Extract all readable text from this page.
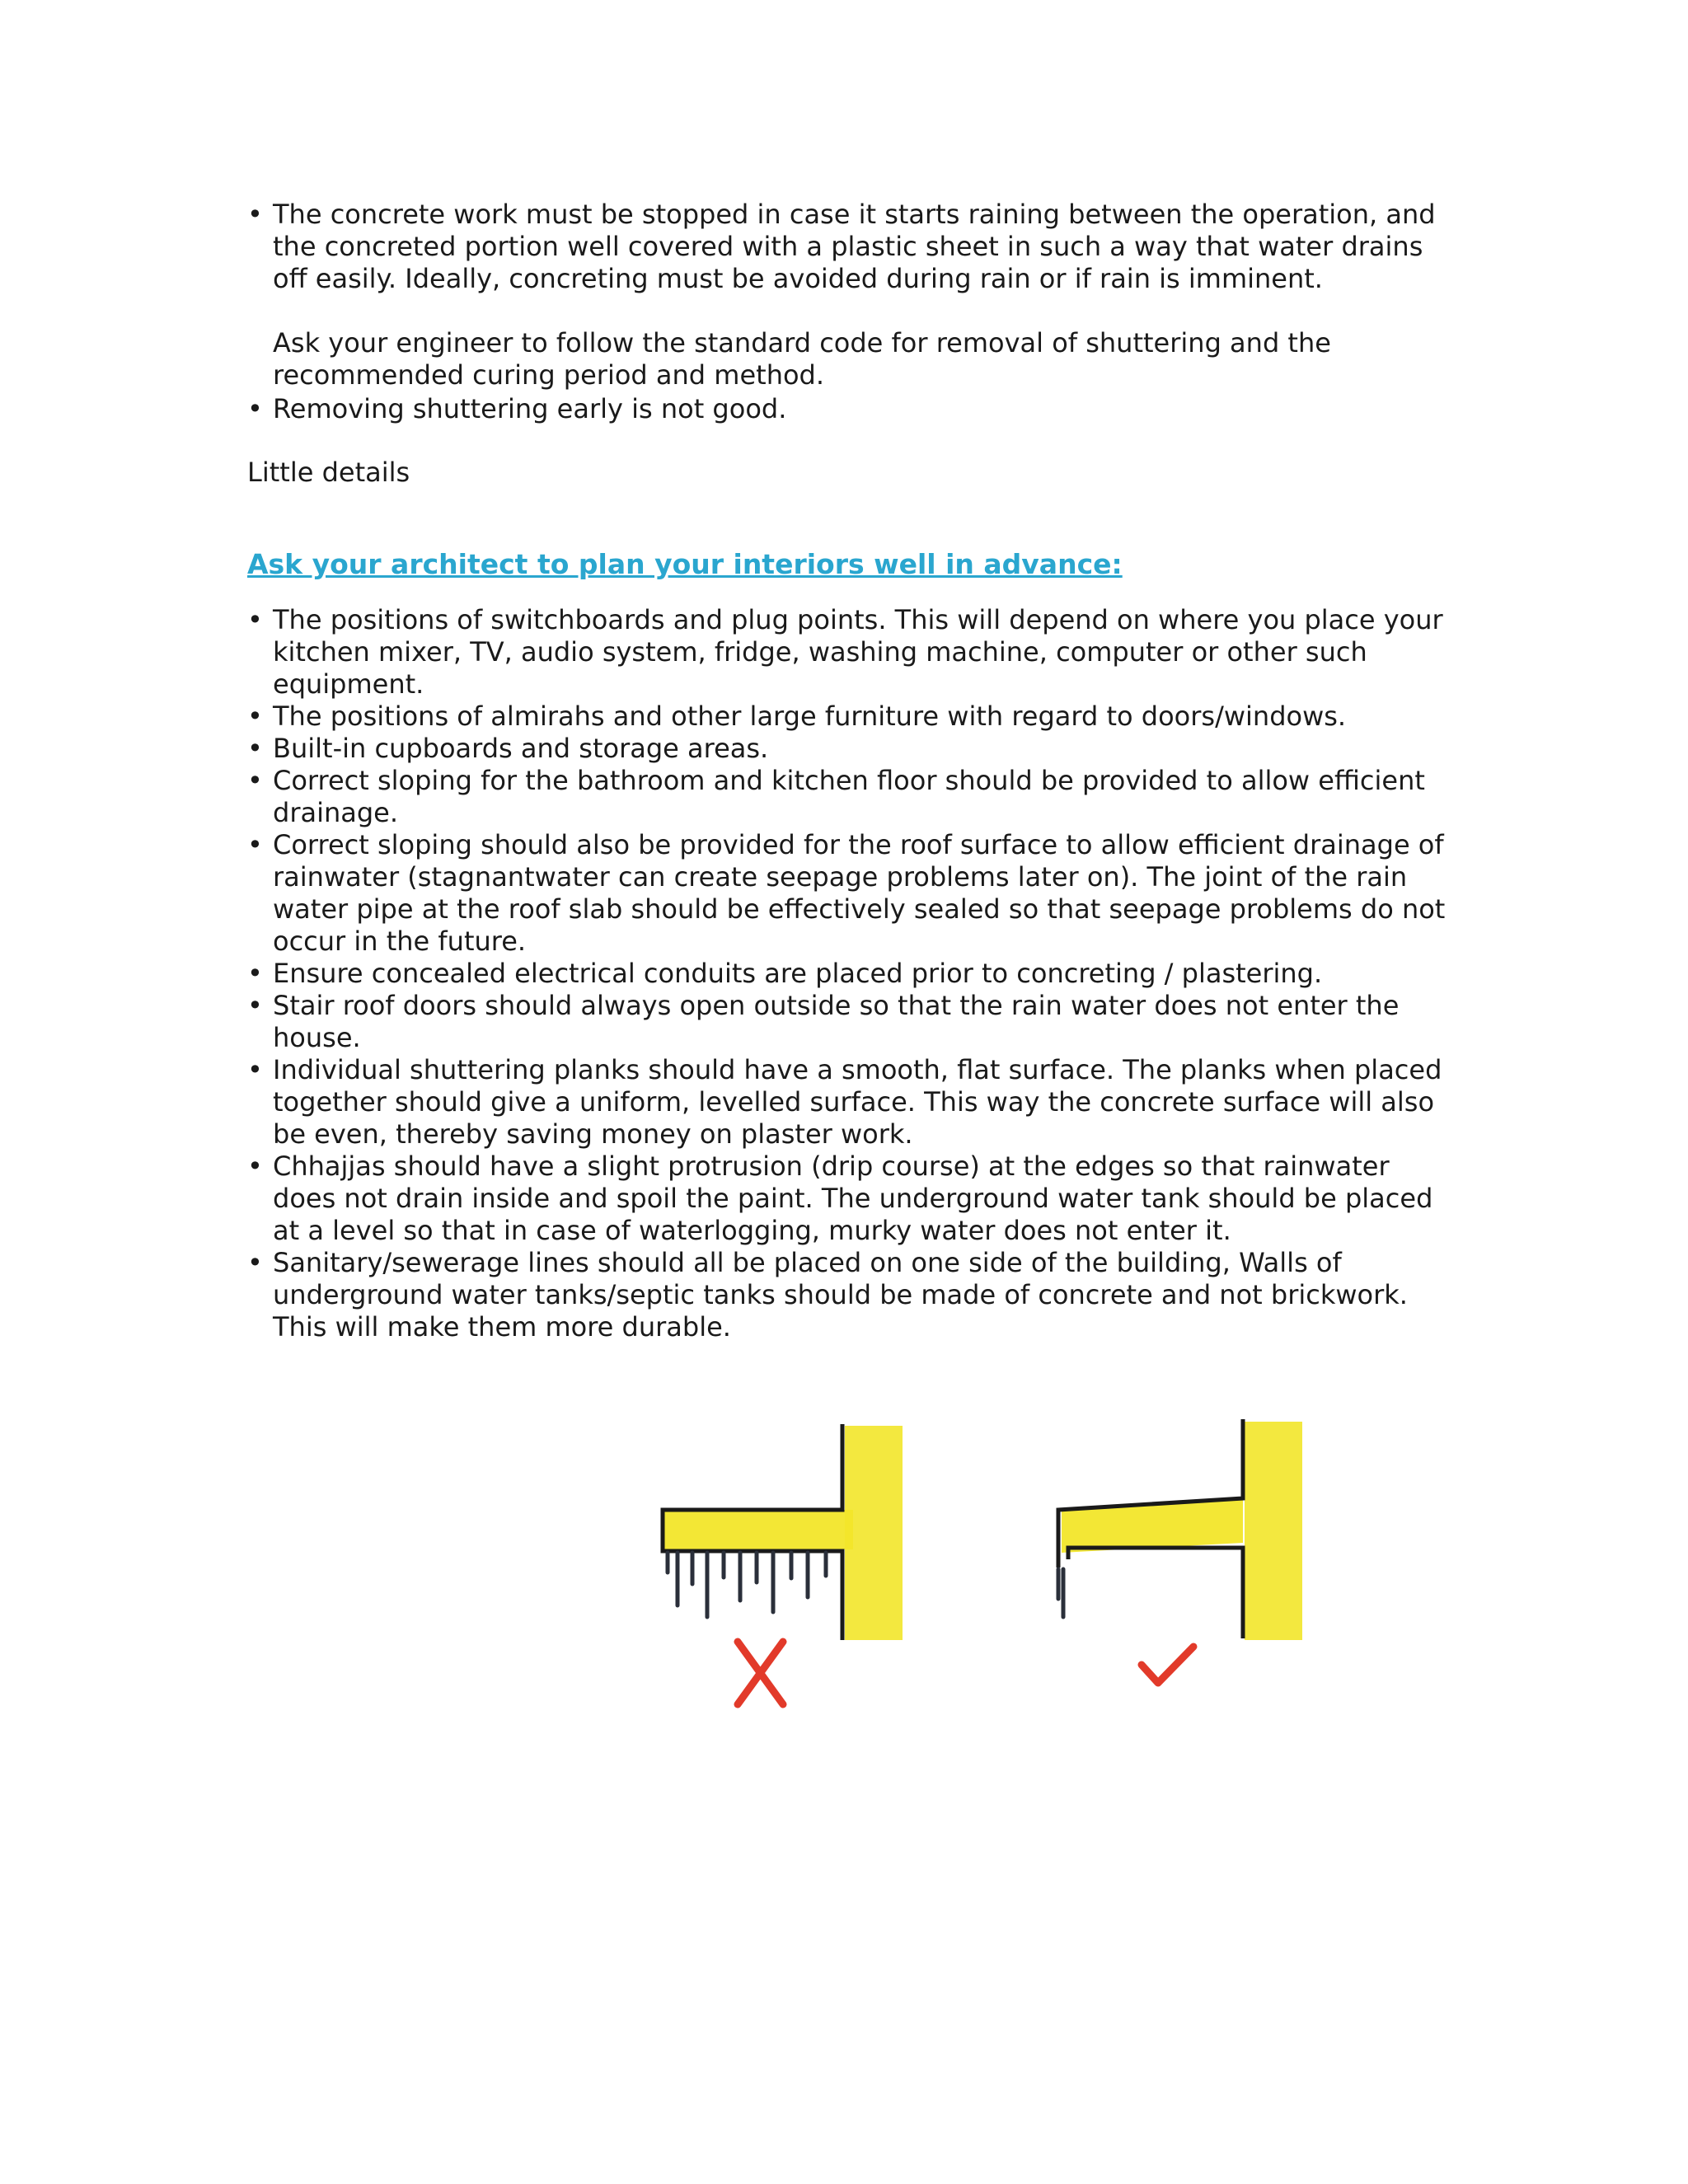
• The concrete work must be stopped in case it starts raining between the operation, and the concreted portion well covered with a plastic sheet in such a way that water drains off easily. Ideally, concreting must be avoided during rain or if rain is imminent.

Ask your engineer to follow the standard code for removal of shuttering and the recommended curing period and method.

• Removing shuttering early is not good.

Little details

Ask your architect to plan your interiors well in advance:

• The positions of switchboards and plug points. This will depend on where you place your kitchen mixer, TV, audio system, fridge, washing machine, computer or other such equipment.
• The positions of almirahs and other large furniture with regard to doors/windows.
• Built-in cupboards and storage areas.
• Correct sloping for the bathroom and kitchen floor should be provided to allow efficient drainage.
• Correct sloping should also be provided for the roof surface to allow efficient drainage of rainwater (stagnantwater can create seepage problems later on). The joint of the rain water pipe at the roof slab should be effectively sealed so that seepage problems do not occur in the future.
• Ensure concealed electrical conduits are placed prior to concreting / plastering.
• Stair roof doors should always open outside so that the rain water does not enter the house.
• Individual shuttering planks should have a smooth, flat surface. The planks when placed together should give a uniform, levelled surface. This way the concrete surface will also be even, thereby saving money on plaster work.
• Chhajjas should have a slight protrusion (drip course) at the edges so that rainwater does not drain inside and spoil the paint. The underground water tank should be placed at a level so that in case of waterlogging, murky water does not enter it.
• Sanitary/sewerage lines should all be placed on one side of the building, Walls of underground water tanks/septic tanks should be made of concrete and not brickwork. This will make them more durable.
